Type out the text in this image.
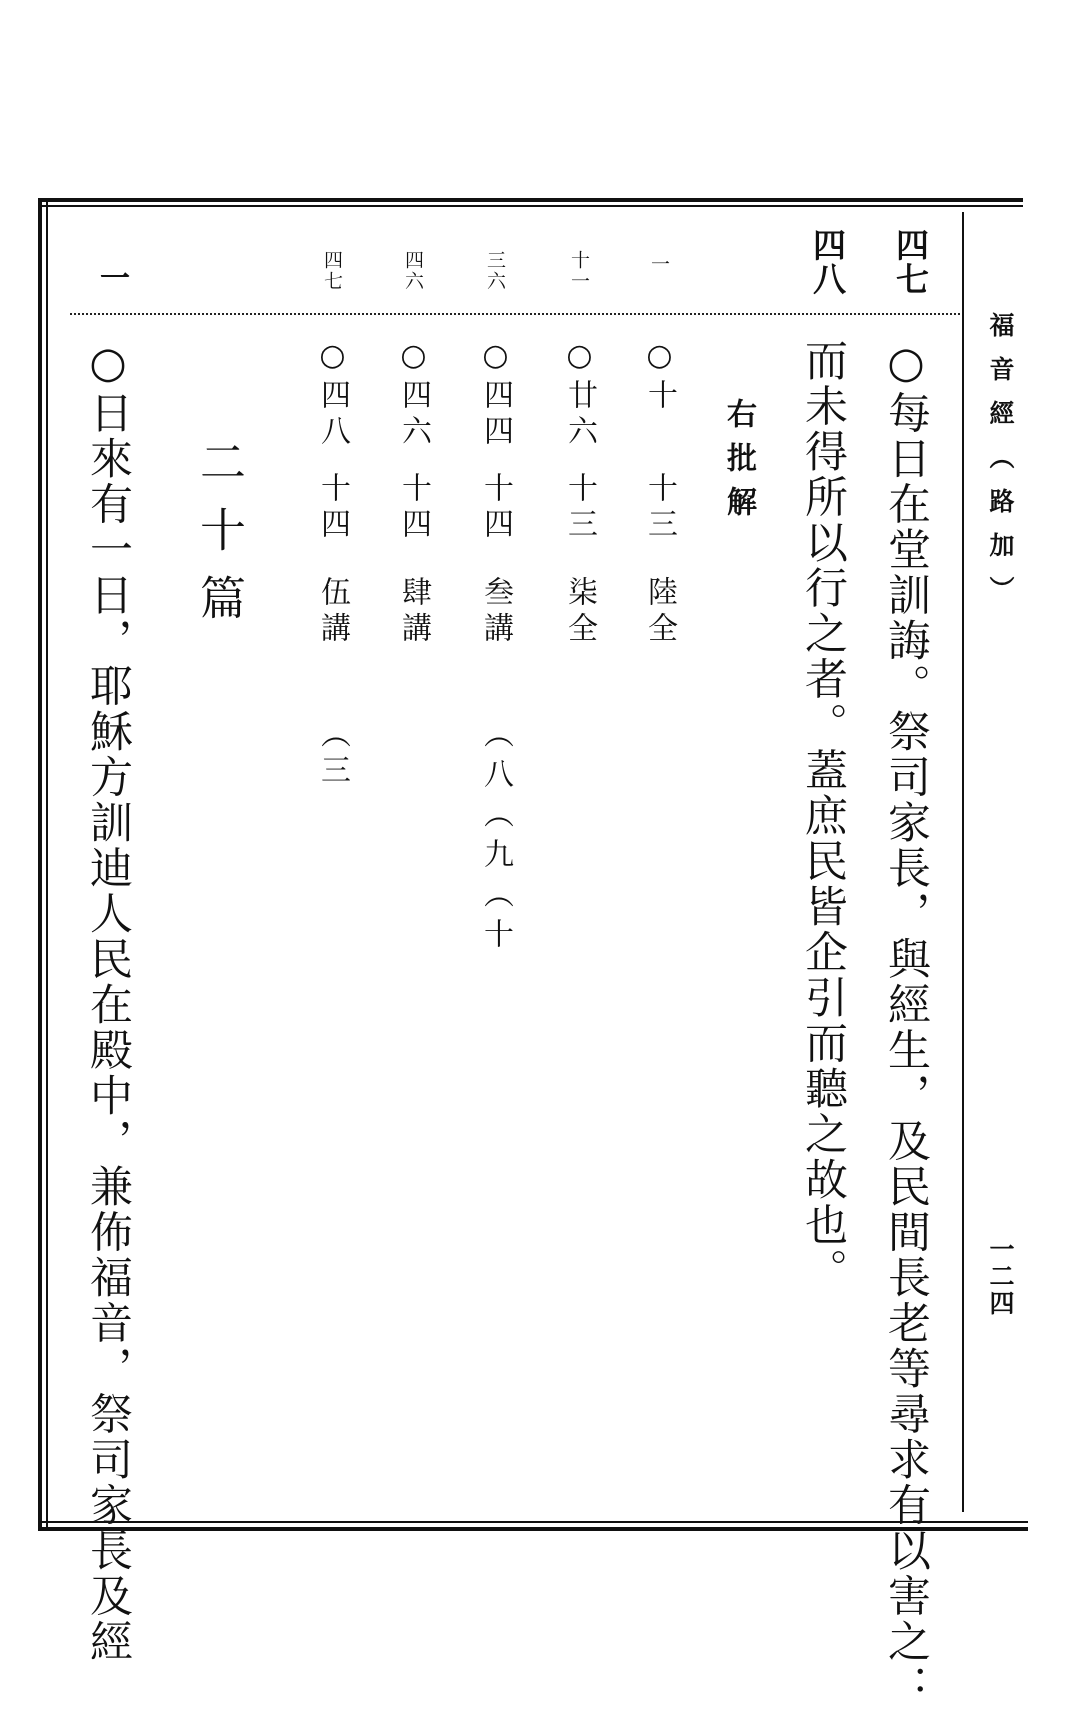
福音經（路加）
一二四
四七
○每日在堂訓誨。祭司家長，與經生，及民間長老等尋求有以害之：
四八
而未得所以行之者。蓋庶民皆企引而聽之故也。
右批解
一
○十
十三
陸全
十一
○廿六
十三
柒全
三六
○四四
十四
叁講
（八（九（十
四六
○四六
十四
肆講
四七
○四八
十四
伍講
（三
二十篇
一
○日來有一日，耶穌方訓迪人民在殿中，兼佈福音，祭司家長及經
